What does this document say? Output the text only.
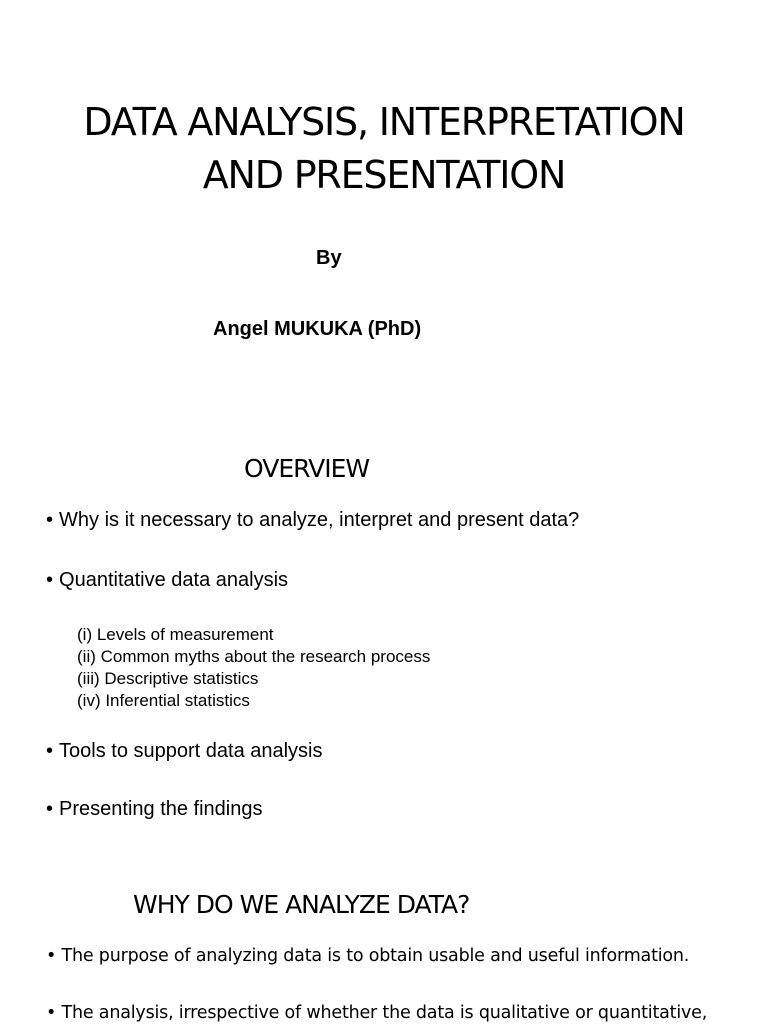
DATA ANALYSIS, INTERPRETATION
AND PRESENTATION

By

Angel MUKUKA (PhD)

OVERVIEW

• Why is it necessary to analyze, interpret and present data?

• Quantitative data analysis

(i) Levels of measurement
(ii) Common myths about the research process
(iii) Descriptive statistics
(iv) Inferential statistics

• Tools to support data analysis

• Presenting the findings

WHY DO WE ANALYZE DATA?

• The purpose of analyzing data is to obtain usable and useful information.

• The analysis, irrespective of whether the data is qualitative or quantitative,
